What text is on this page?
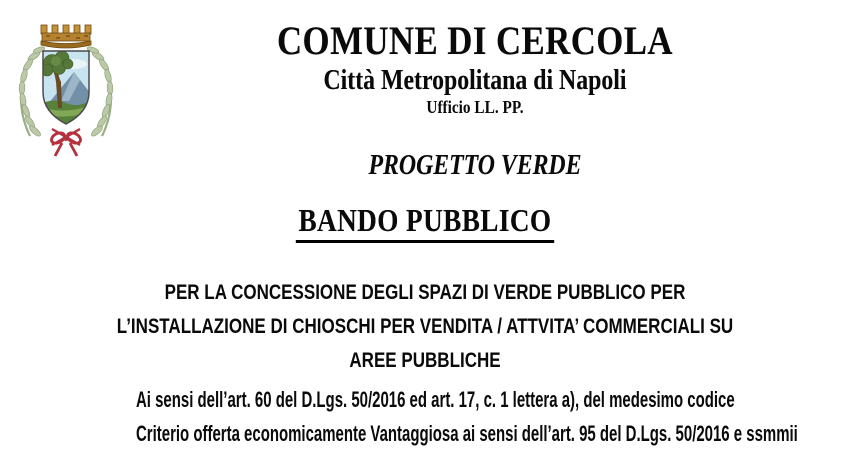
COMUNE DI CERCOLA
Città Metropolitana di Napoli
Ufficio LL. PP.
PROGETTO VERDE
BANDO PUBBLICO
PER LA CONCESSIONE DEGLI SPAZI DI VERDE PUBBLICO PER
L’INSTALLAZIONE DI CHIOSCHI PER VENDITA / ATTVITA’ COMMERCIALI SU
AREE PUBBLICHE
Ai sensi dell’art. 60 del D.Lgs. 50/2016 ed art. 17, c. 1 lettera a), del medesimo codice
Criterio offerta economicamente Vantaggiosa ai sensi dell’art. 95 del D.Lgs. 50/2016 e ssmmii
